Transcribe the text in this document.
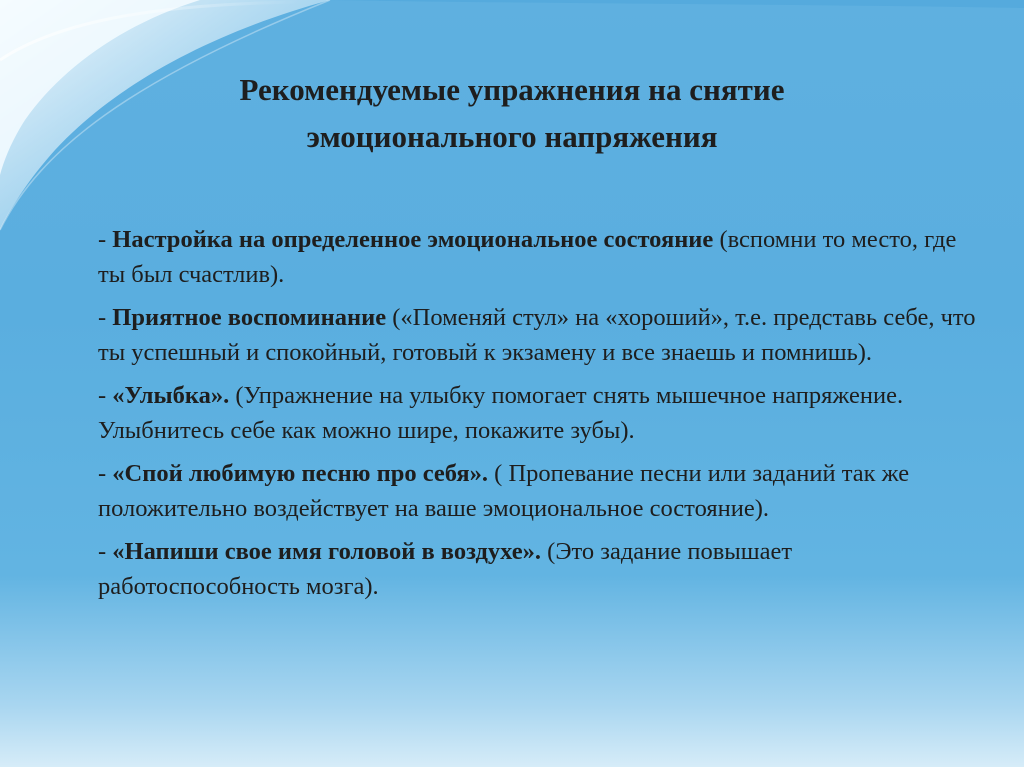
Рекомендуемые упражнения на снятие
эмоционального напряжения
- Настройка на определенное эмоциональное состояние (вспомни то место, где ты был счастлив).
- Приятное воспоминание («Поменяй стул» на «хороший», т.е. представь себе, что ты успешный и спокойный, готовый к экзамену и все знаешь и помнишь).
- «Улыбка». (Упражнение на улыбку помогает снять мышечное напряжение. Улыбнитесь себе как можно шире, покажите зубы).
- «Спой любимую песню про себя». ( Пропевание песни или заданий так же положительно воздействует на ваше эмоциональное состояние).
- «Напиши свое имя головой в воздухе». (Это задание повышает работоспособность мозга).
